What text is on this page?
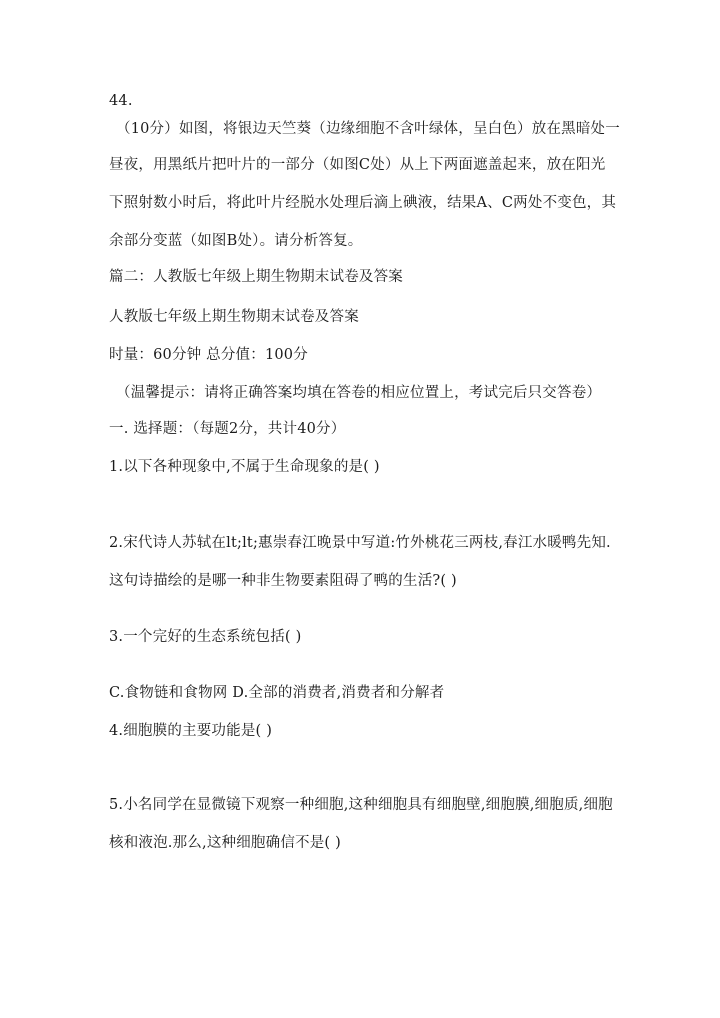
44.
（10分）如图，将银边天竺葵（边缘细胞不含叶绿体，呈白色）放在黑暗处一
昼夜，用黑纸片把叶片的一部分（如图C处）从上下两面遮盖起来，放在阳光
下照射数小时后，将此叶片经脱水处理后滴上碘液，结果A、C两处不变色，其
余部分变蓝（如图B处）。请分析答复。
篇二：人教版七年级上期生物期末试卷及答案
人教版七年级上期生物期末试卷及答案
时量：60分钟 总分值：100分
（温馨提示：请将正确答案均填在答卷的相应位置上，考试完后只交答卷）
一. 选择题：（每题2分，共计40分）
1.以下各种现象中,不属于生命现象的是( )
2.宋代诗人苏轼在lt;lt;惠崇春江晚景中写道:竹外桃花三两枝,春江水暖鸭先知.
这句诗描绘的是哪一种非生物要素阻碍了鸭的生活?( )
3.一个完好的生态系统包括( )
C.食物链和食物网 D.全部的消费者,消费者和分解者
4.细胞膜的主要功能是( )
5.小名同学在显微镜下观察一种细胞,这种细胞具有细胞壁,细胞膜,细胞质,细胞
核和液泡.那么,这种细胞确信不是( )
